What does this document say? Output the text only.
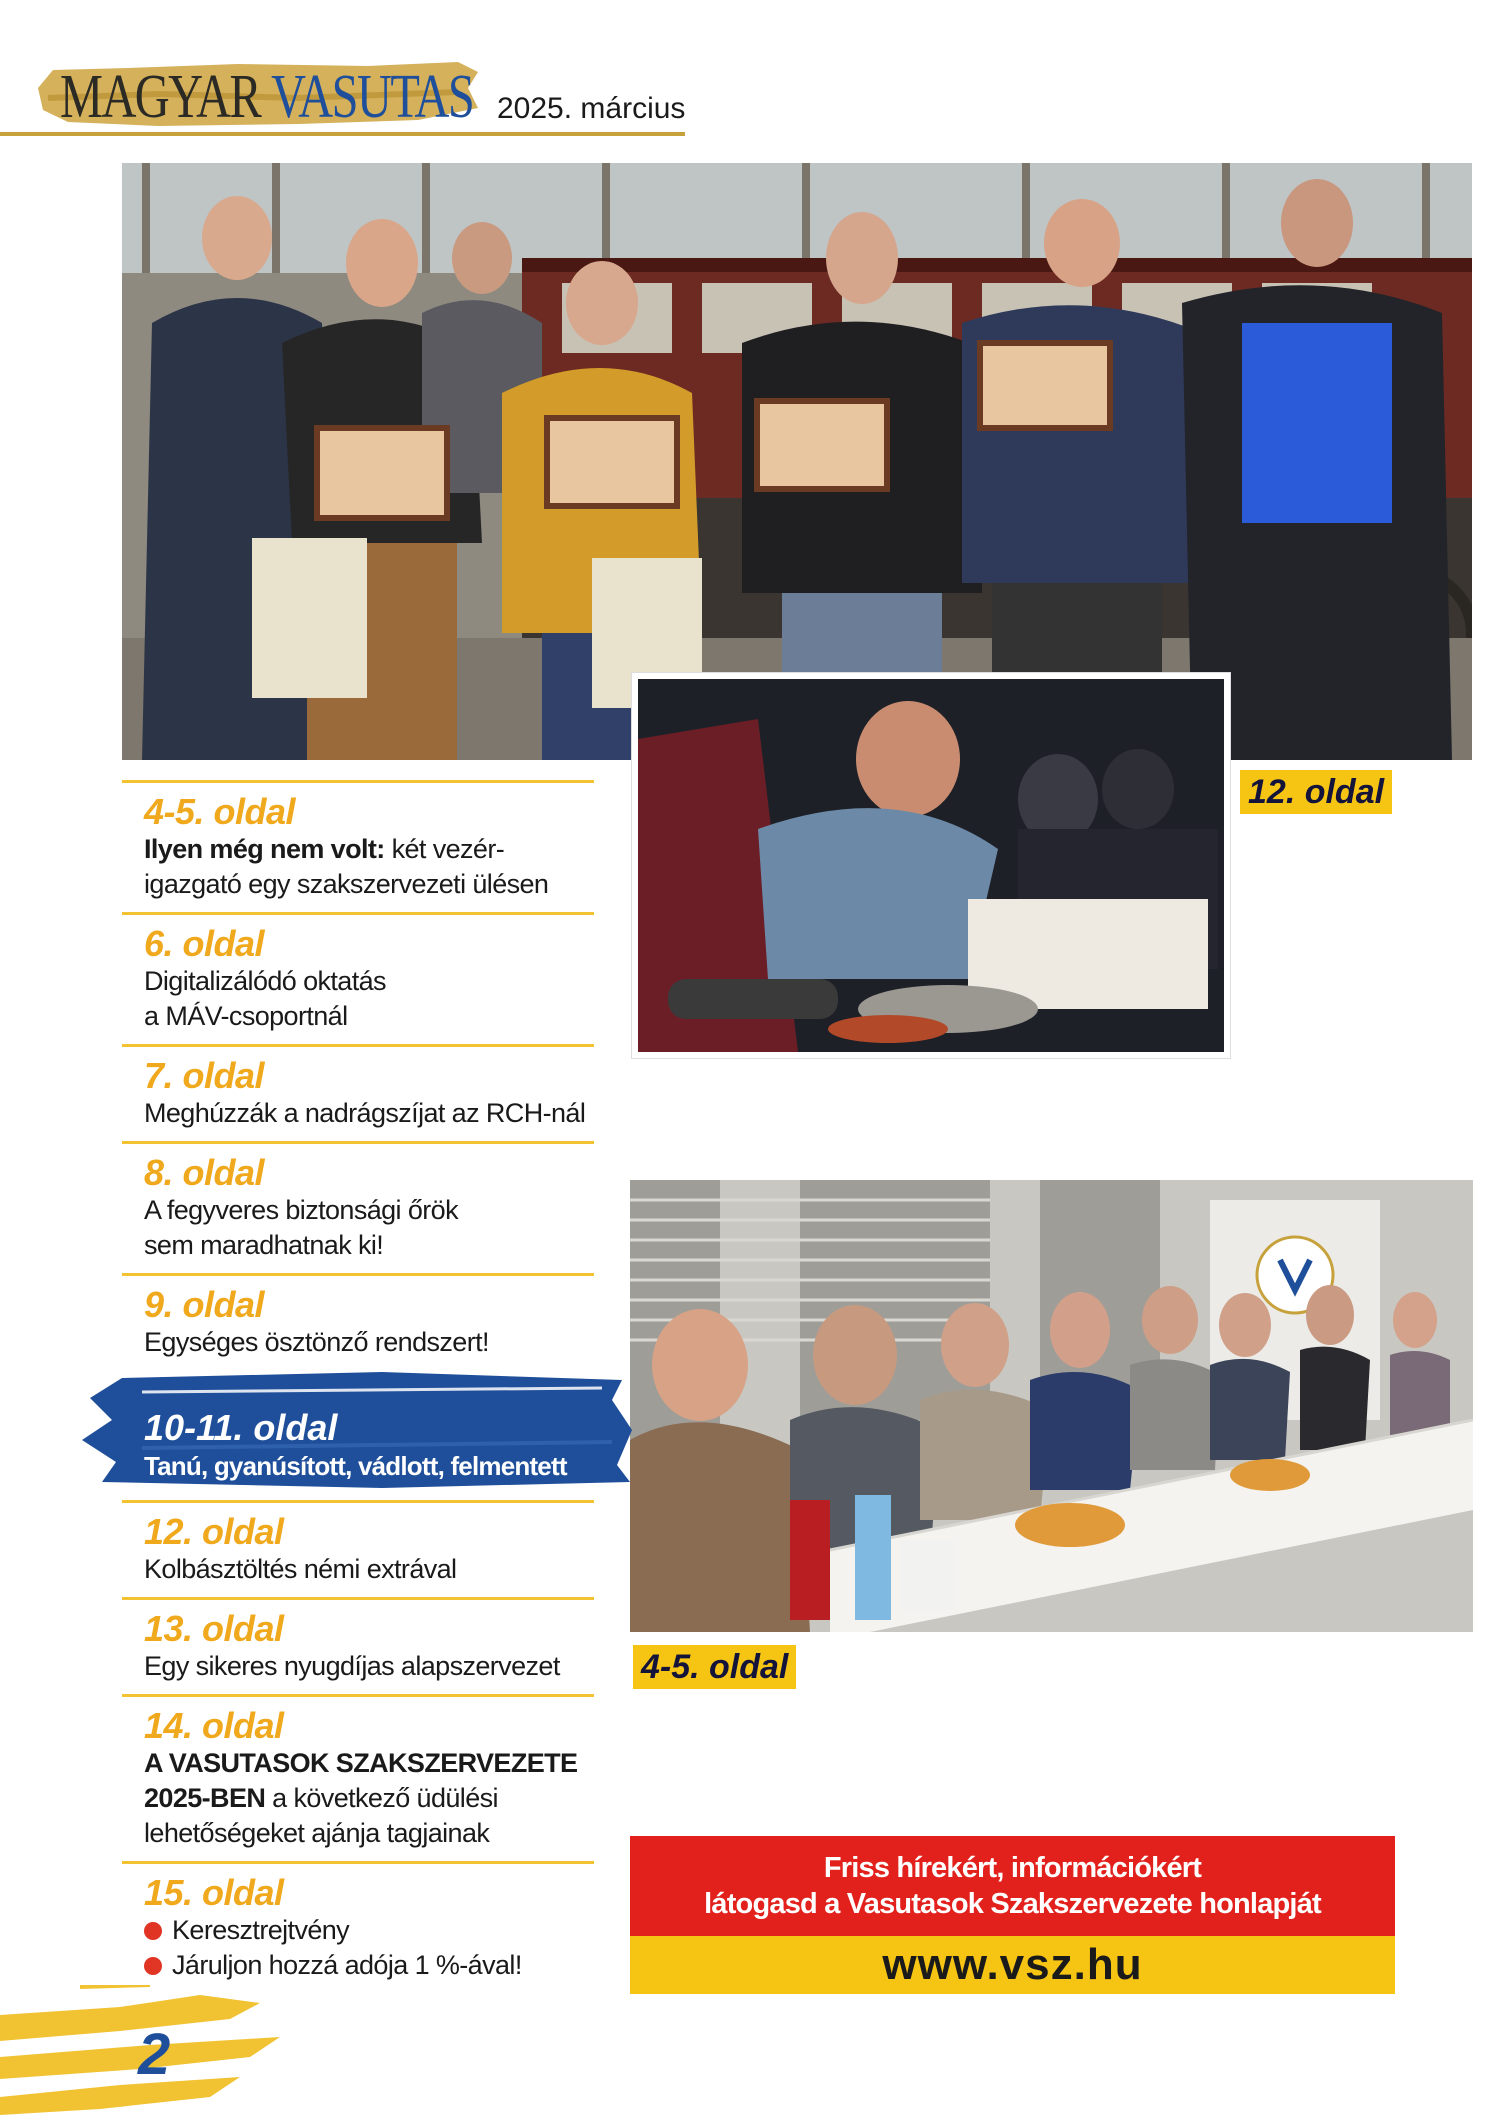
MAGYAR VASUTAS 2025. március
12. oldal
4-5. oldal
4-5. oldal
Ilyen még nem volt: két vezér-
igazgató egy szakszervezeti ülésen
6. oldal
Digitalizálódó oktatás
a MÁV-csoportnál
7. oldal
Meghúzzák a nadrágszíjat az RCH-nál
8. oldal
A fegyveres biztonsági őrök
sem maradhatnak ki!
9. oldal
Egységes ösztönző rendszert!
12. oldal
Kolbásztöltés némi extrával
13. oldal
Egy sikeres nyugdíjas alapszervezet
14. oldal
A VASUTASOK SZAKSZERVEZETE
2025-BEN a következő üdülési
lehetőségeket ajánja tagjainak
15. oldal
Keresztrejtvény
Járuljon hozzá adója 1 %-ával!
10-11. oldal
Tanú, gyanúsított, vádlott, felmentett
Friss hírekért, információkért
látogasd a Vasutasok Szakszervezete honlapját
www.vsz.hu
2
